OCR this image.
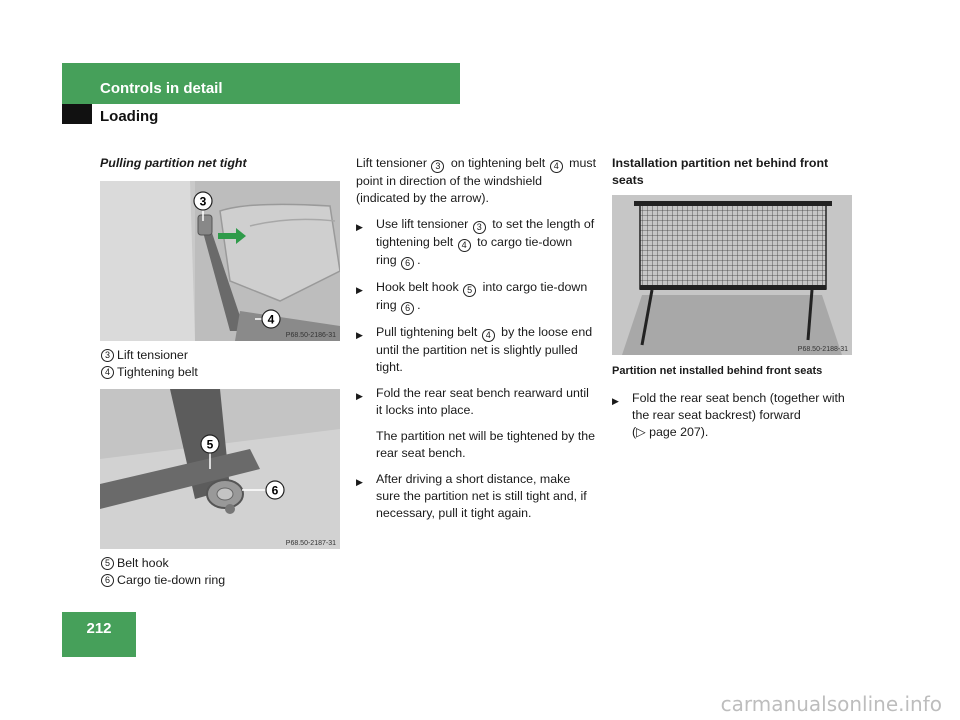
Controls in detail
Loading
Pulling partition net tight
3
4
P68.50-2186-31
3 Lift tensioner
4 Tightening belt
5
6
P68.50-2187-31
5 Belt hook
6 Cargo tie-down ring
Lift tensioner 3 on tightening belt 4 must point in direction of the windshield (indicated by the arrow).
▶	Use lift tensioner 3 to set the length of tightening belt 4 to cargo tie-down ring 6 .
▶	Hook belt hook 5 into cargo tie-down ring 6 .
▶	Pull tightening belt 4 by the loose end until the partition net is slightly pulled tight.
▶	Fold the rear seat bench rearward until it locks into place.
The partition net will be tightened by the rear seat bench.
▶	After driving a short distance, make sure the partition net is still tight and, if necessary, pull it tight again.
Installation partition net behind front seats
P68.50-2188-31
Partition net installed behind front seats
▶	Fold the rear seat bench (together with the rear seat backrest) forward
(▷ page 207).
212
carmanualsonline.info
